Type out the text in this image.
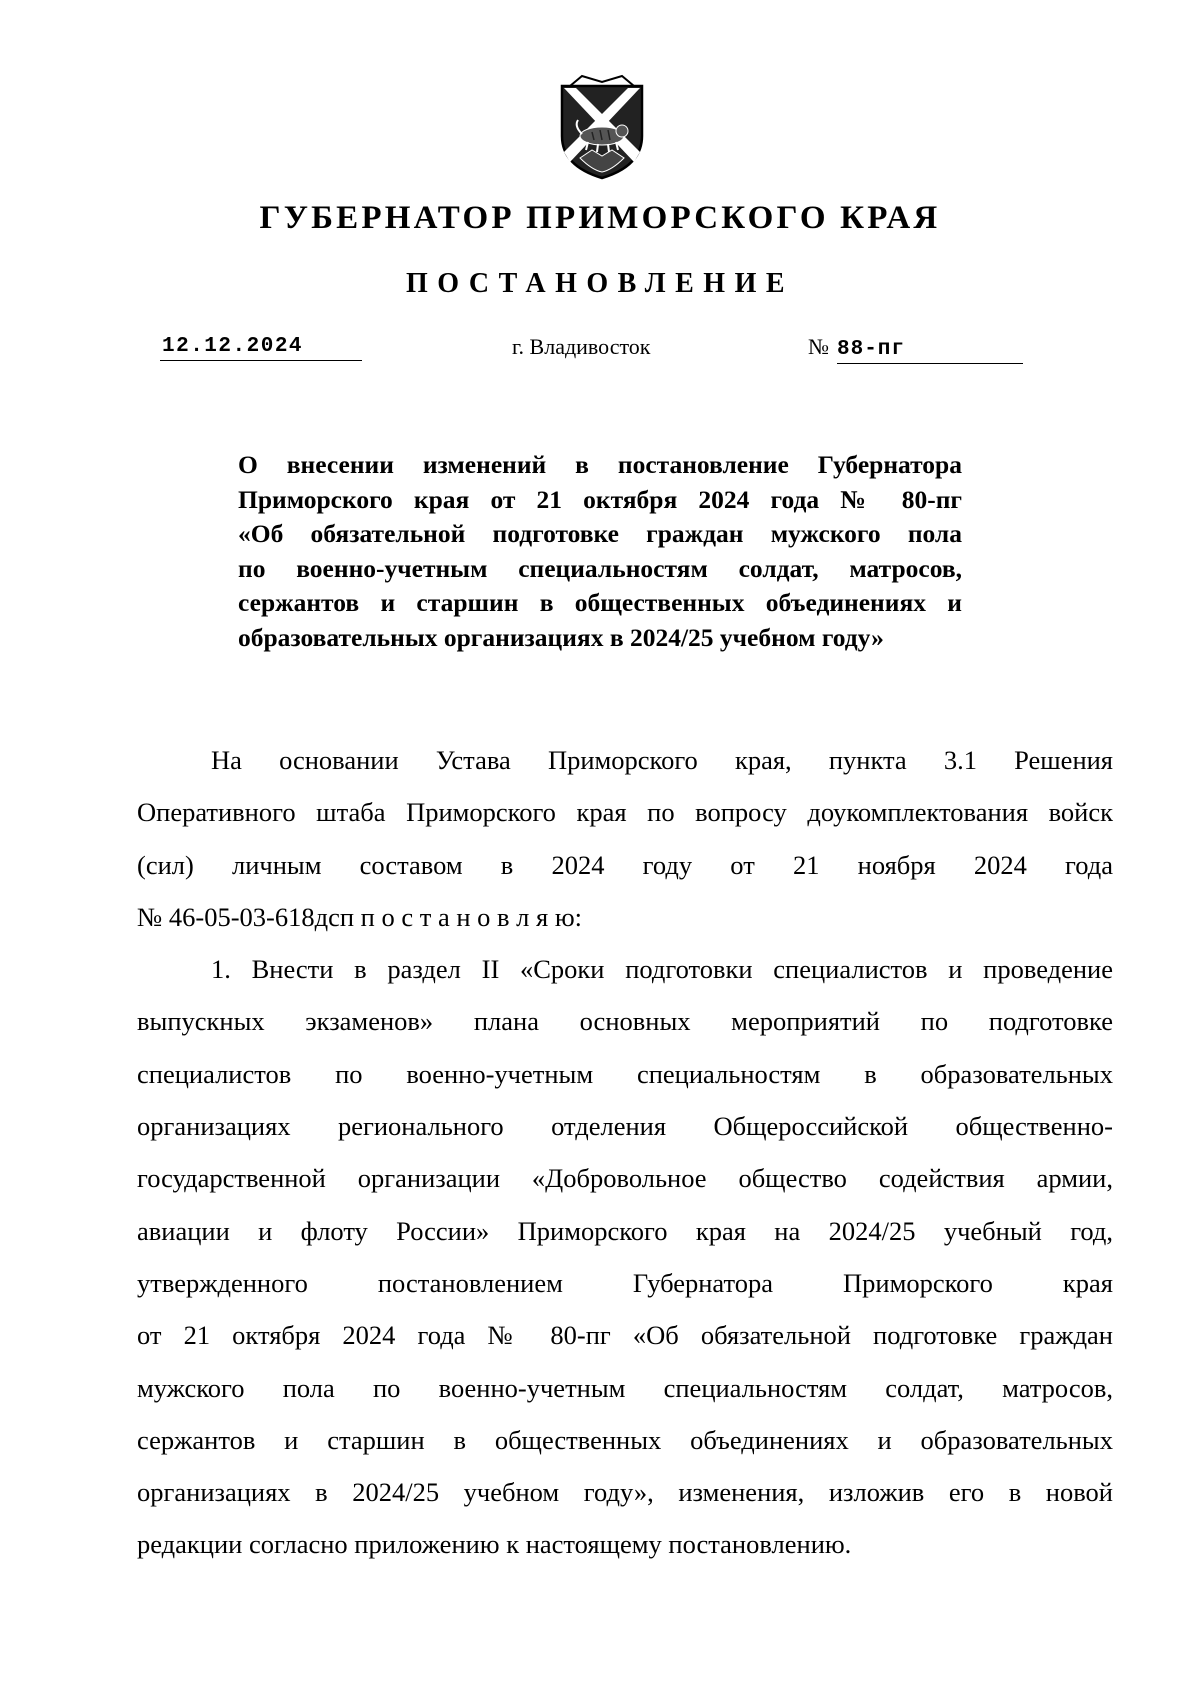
ГУБЕРНАТОР ПРИМОРСКОГО КРАЯ
ПОСТАНОВЛЕНИЕ
12.12.2024	г. Владивосток	№ 88-пг

О внесении изменений в постановление Губернатора
Приморского края от 21 октября 2024 года № 80-пг
«Об обязательной подготовке граждан мужского пола
по военно-учетным специальностям солдат, матросов,
сержантов и старшин в общественных объединениях и
образовательных организациях в 2024/25 учебном году»

На основании Устава Приморского края, пункта 3.1 Решения
Оперативного штаба Приморского края по вопросу доукомплектования войск
(сил) личным составом в 2024 году от 21 ноября 2024 года
№ 46-05-03-618дсп п о с т а н о в л я ю:
1. Внести в раздел II «Сроки подготовки специалистов и проведение
выпускных экзаменов» плана основных мероприятий по подготовке
специалистов по военно-учетным специальностям в образовательных
организациях регионального отделения Общероссийской общественно-
государственной организации «Добровольное общество содействия армии,
авиации и флоту России» Приморского края на 2024/25 учебный год,
утвержденного постановлением Губернатора Приморского края
от 21 октября 2024 года № 80-пг «Об обязательной подготовке граждан
мужского пола по военно-учетным специальностям солдат, матросов,
сержантов и старшин в общественных объединениях и образовательных
организациях в 2024/25 учебном году», изменения, изложив его в новой
редакции согласно приложению к настоящему постановлению.
